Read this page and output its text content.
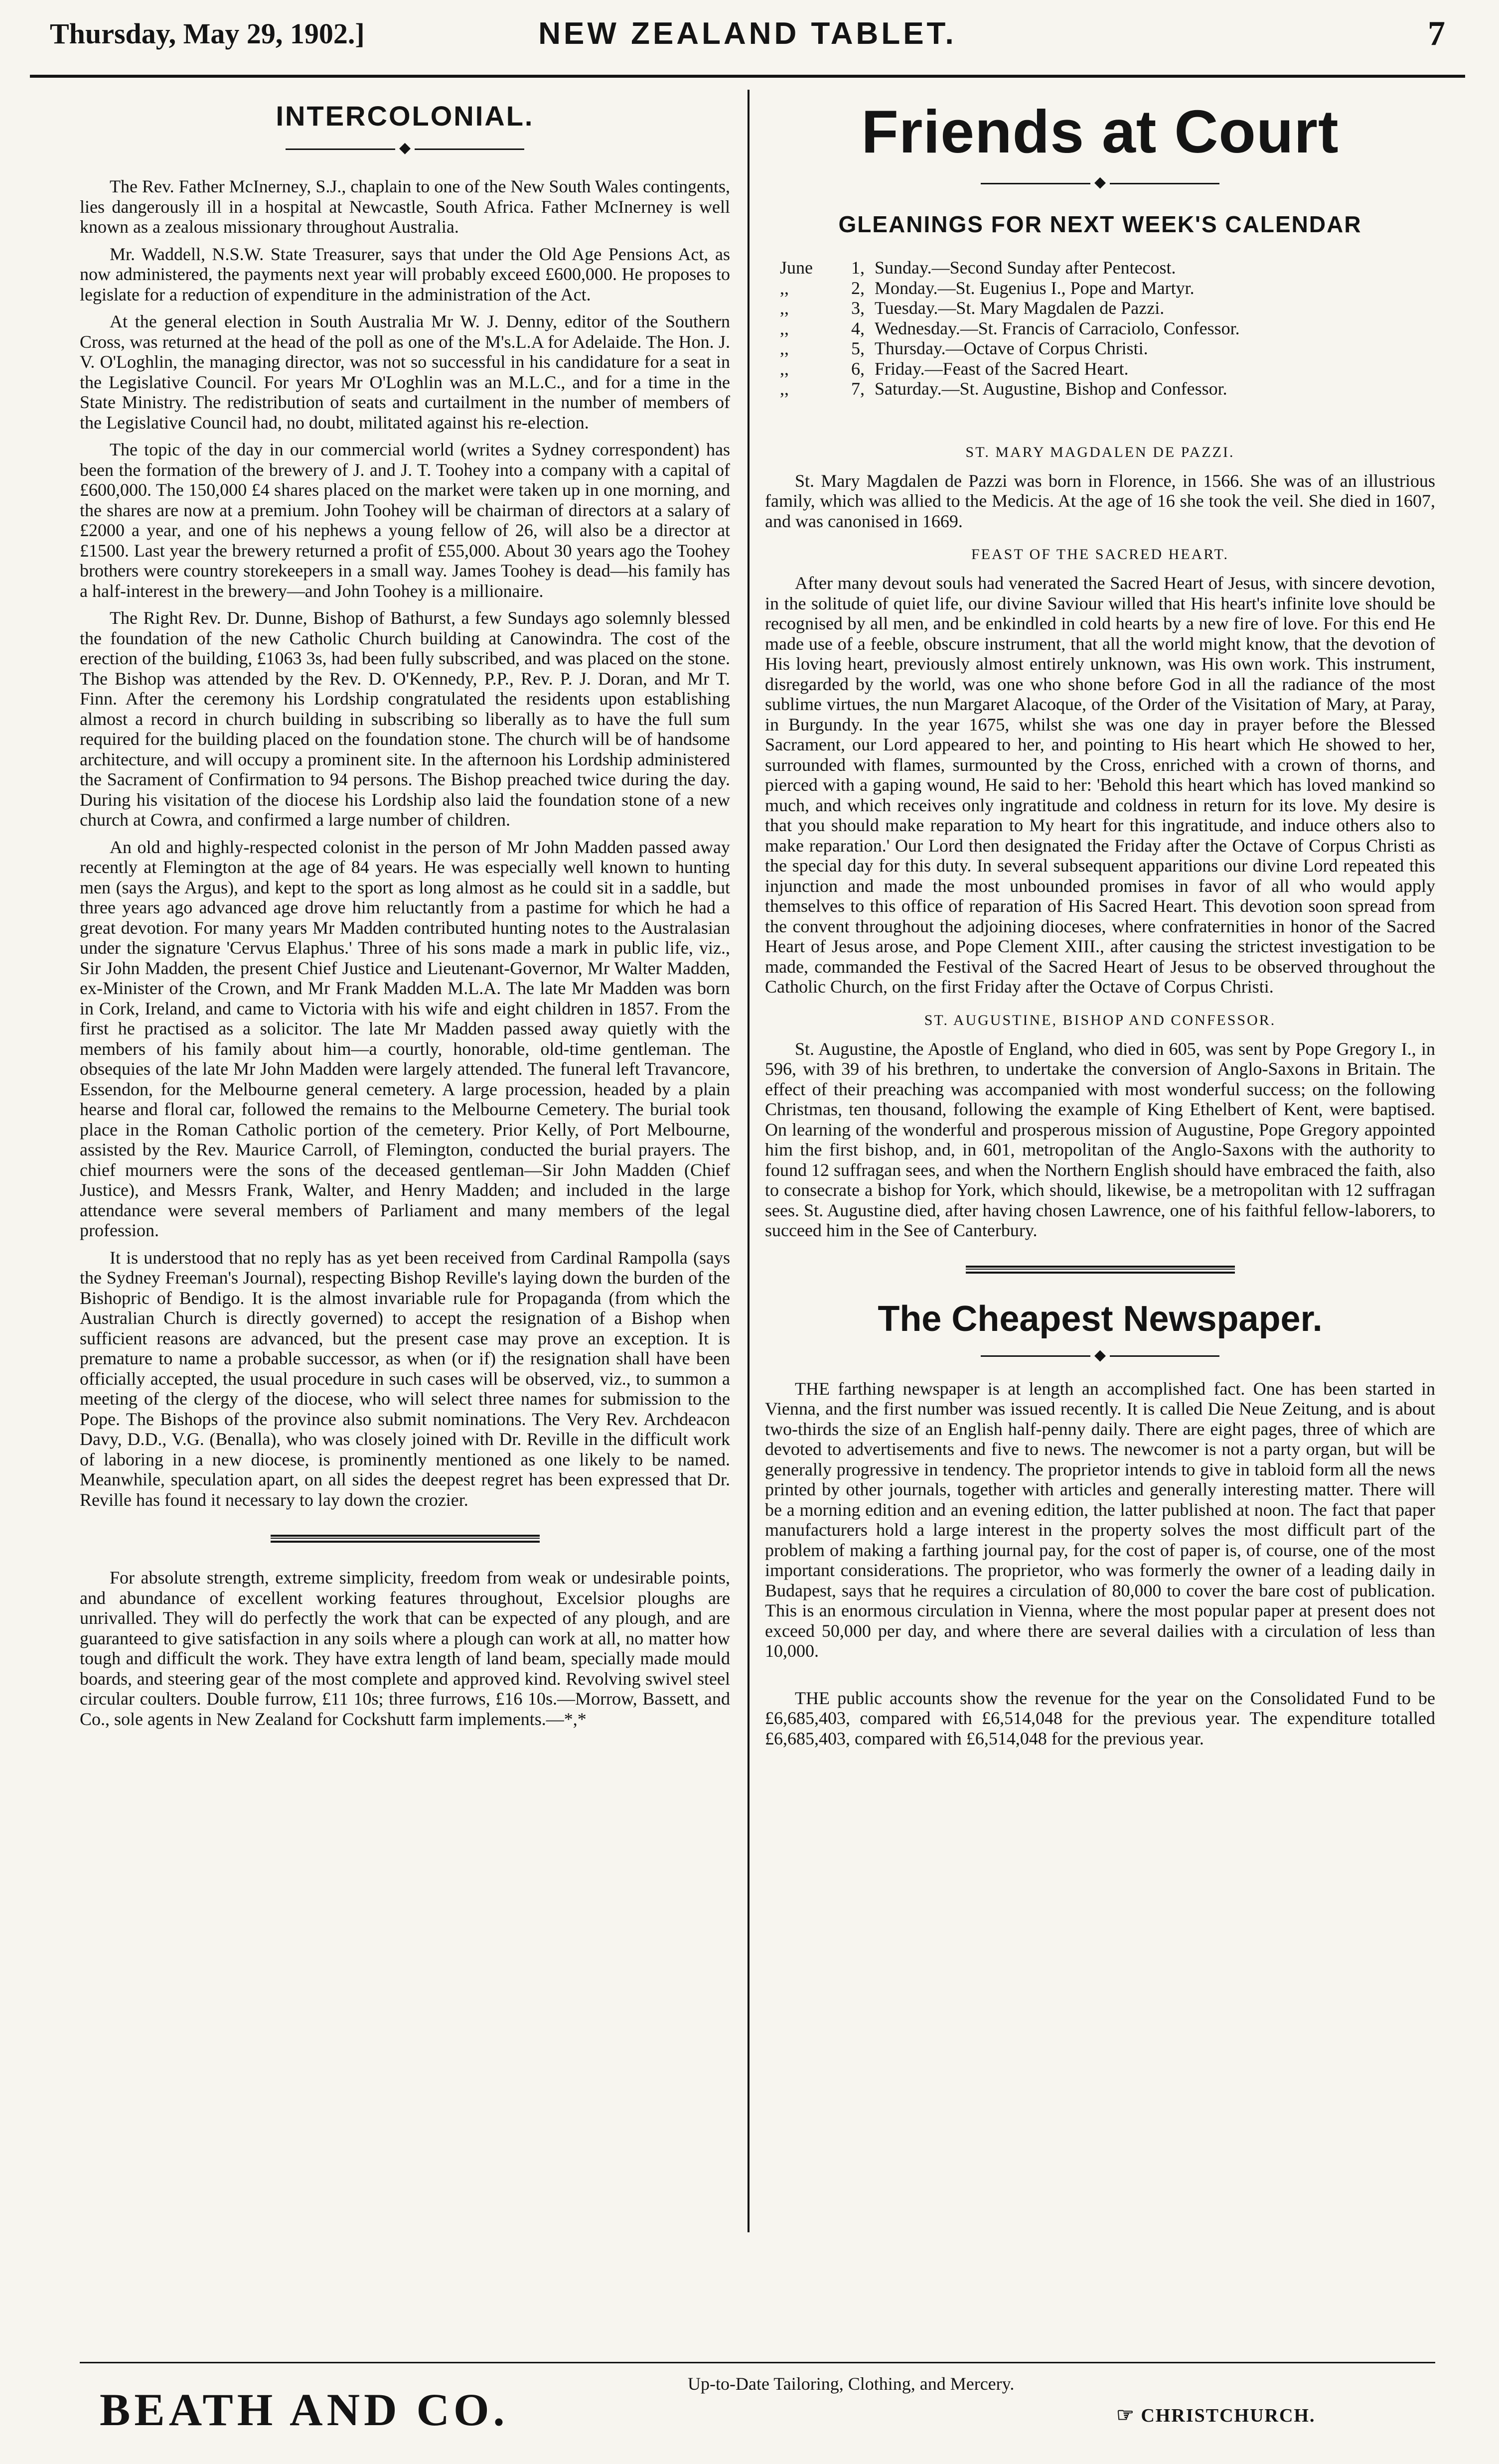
Thursday, May 29, 1902.]	NEW ZEALAND TABLET.	7
INTERCOLONIAL.
◆

The Rev. Father McInerney, S.J., chaplain to one of the New South Wales contingents, lies dangerously ill in a hospital at Newcastle, South Africa. Father McInerney is well known as a zealous missionary throughout Australia.

Mr. Waddell, N.S.W. State Treasurer, says that under the Old Age Pensions Act, as now administered, the payments next year will probably exceed £600,000. He proposes to legislate for a reduction of expenditure in the administration of the Act.

At the general election in South Australia Mr W. J. Denny, editor of the Southern Cross, was returned at the head of the poll as one of the M's.L.A for Adelaide. The Hon. J. V. O'Loghlin, the managing director, was not so successful in his candidature for a seat in the Legislative Council. For years Mr O'Loghlin was an M.L.C., and for a time in the State Ministry. The redistribution of seats and curtailment in the number of members of the Legislative Council had, no doubt, militated against his re-election.

The topic of the day in our commercial world (writes a Sydney correspondent) has been the formation of the brewery of J. and J. T. Toohey into a company with a capital of £600,000. The 150,000 £4 shares placed on the market were taken up in one morning, and the shares are now at a premium. John Toohey will be chairman of directors at a salary of £2000 a year, and one of his nephews a young fellow of 26, will also be a director at £1500. Last year the brewery returned a profit of £55,000. About 30 years ago the Toohey brothers were country storekeepers in a small way. James Toohey is dead—his family has a half-interest in the brewery—and John Toohey is a millionaire.

The Right Rev. Dr. Dunne, Bishop of Bathurst, a few Sundays ago solemnly blessed the foundation of the new Catholic Church building at Canowindra. The cost of the erection of the building, £1063 3s, had been fully subscribed, and was placed on the stone. The Bishop was attended by the Rev. D. O'Kennedy, P.P., Rev. P. J. Doran, and Mr T. Finn. After the ceremony his Lordship congratulated the residents upon establishing almost a record in church building in subscribing so liberally as to have the full sum required for the building placed on the foundation stone. The church will be of handsome architecture, and will occupy a prominent site. In the afternoon his Lordship administered the Sacrament of Confirmation to 94 persons. The Bishop preached twice during the day. During his visitation of the diocese his Lordship also laid the foundation stone of a new church at Cowra, and confirmed a large number of children.

An old and highly-respected colonist in the person of Mr John Madden passed away recently at Flemington at the age of 84 years. He was especially well known to hunting men (says the Argus), and kept to the sport as long almost as he could sit in a saddle, but three years ago advanced age drove him reluctantly from a pastime for which he had a great devotion. For many years Mr Madden contributed hunting notes to the Australasian under the signature 'Cervus Elaphus.' Three of his sons made a mark in public life, viz., Sir John Madden, the present Chief Justice and Lieutenant-Governor, Mr Walter Madden, ex-Minister of the Crown, and Mr Frank Madden M.L.A. The late Mr Madden was born in Cork, Ireland, and came to Victoria with his wife and eight children in 1857. From the first he practised as a solicitor. The late Mr Madden passed away quietly with the members of his family about him—a courtly, honorable, old-time gentleman. The obsequies of the late Mr John Madden were largely attended. The funeral left Travancore, Essendon, for the Melbourne general cemetery. A large procession, headed by a plain hearse and floral car, followed the remains to the Melbourne Cemetery. The burial took place in the Roman Catholic portion of the cemetery. Prior Kelly, of Port Melbourne, assisted by the Rev. Maurice Carroll, of Flemington, conducted the burial prayers. The chief mourners were the sons of the deceased gentleman—Sir John Madden (Chief Justice), and Messrs Frank, Walter, and Henry Madden; and included in the large attendance were several members of Parliament and many members of the legal profession.

It is understood that no reply has as yet been received from Cardinal Rampolla (says the Sydney Freeman's Journal), respecting Bishop Reville's laying down the burden of the Bishopric of Bendigo. It is the almost invariable rule for Propaganda (from which the Australian Church is directly governed) to accept the resignation of a Bishop when sufficient reasons are advanced, but the present case may prove an exception. It is premature to name a probable successor, as when (or if) the resignation shall have been officially accepted, the usual procedure in such cases will be observed, viz., to summon a meeting of the clergy of the diocese, who will select three names for submission to the Pope. The Bishops of the province also submit nominations. The Very Rev. Archdeacon Davy, D.D., V.G. (Benalla), who was closely joined with Dr. Reville in the difficult work of laboring in a new diocese, is prominently mentioned as one likely to be named. Meanwhile, speculation apart, on all sides the deepest regret has been expressed that Dr. Reville has found it necessary to lay down the crozier.

For absolute strength, extreme simplicity, freedom from weak or undesirable points, and abundance of excellent working features throughout, Excelsior ploughs are unrivalled. They will do perfectly the work that can be expected of any plough, and are guaranteed to give satisfaction in any soils where a plough can work at all, no matter how tough and difficult the work. They have extra length of land beam, specially made mould boards, and steering gear of the most complete and approved kind. Revolving swivel steel circular coulters. Double furrow, £11 10s; three furrows, £16 10s.—Morrow, Bassett, and Co., sole agents in New Zealand for Cockshutt farm implements.—*,*

Friends at Court
◆
GLEANINGS FOR NEXT WEEK'S CALENDAR
June	1, Sunday.—Second Sunday after Pentecost.
,,	2, Monday.—St. Eugenius I., Pope and Martyr.
,,	3, Tuesday.—St. Mary Magdalen de Pazzi.
,,	4, Wednesday.—St. Francis of Carraciolo, Confessor.
,,	5, Thursday.—Octave of Corpus Christi.
,,	6, Friday.—Feast of the Sacred Heart.
,,	7, Saturday.—St. Augustine, Bishop and Confessor.
ST. MARY MAGDALEN DE PAZZI.

St. Mary Magdalen de Pazzi was born in Florence, in 1566. She was of an illustrious family, which was allied to the Medicis. At the age of 16 she took the veil. She died in 1607, and was canonised in 1669.

FEAST OF THE SACRED HEART.

After many devout souls had venerated the Sacred Heart of Jesus, with sincere devotion, in the solitude of quiet life, our divine Saviour willed that His heart's infinite love should be recognised by all men, and be enkindled in cold hearts by a new fire of love. For this end He made use of a feeble, obscure instrument, that all the world might know, that the devotion of His loving heart, previously almost entirely unknown, was His own work. This instrument, disregarded by the world, was one who shone before God in all the radiance of the most sublime virtues, the nun Margaret Alacoque, of the Order of the Visitation of Mary, at Paray, in Burgundy. In the year 1675, whilst she was one day in prayer before the Blessed Sacrament, our Lord appeared to her, and pointing to His heart which He showed to her, surrounded with flames, surmounted by the Cross, enriched with a crown of thorns, and pierced with a gaping wound, He said to her: 'Behold this heart which has loved mankind so much, and which receives only ingratitude and coldness in return for its love. My desire is that you should make reparation to My heart for this ingratitude, and induce others also to make reparation.' Our Lord then designated the Friday after the Octave of Corpus Christi as the special day for this duty. In several subsequent apparitions our divine Lord repeated this injunction and made the most unbounded promises in favor of all who would apply themselves to this office of reparation of His Sacred Heart. This devotion soon spread from the convent throughout the adjoining dioceses, where confraternities in honor of the Sacred Heart of Jesus arose, and Pope Clement XIII., after causing the strictest investigation to be made, commanded the Festival of the Sacred Heart of Jesus to be observed throughout the Catholic Church, on the first Friday after the Octave of Corpus Christi.

ST. AUGUSTINE, BISHOP AND CONFESSOR.

St. Augustine, the Apostle of England, who died in 605, was sent by Pope Gregory I., in 596, with 39 of his brethren, to undertake the conversion of Anglo-Saxons in Britain. The effect of their preaching was accompanied with most wonderful success; on the following Christmas, ten thousand, following the example of King Ethelbert of Kent, were baptised. On learning of the wonderful and prosperous mission of Augustine, Pope Gregory appointed him the first bishop, and, in 601, metropolitan of the Anglo-Saxons with the authority to found 12 suffragan sees, and when the Northern English should have embraced the faith, also to consecrate a bishop for York, which should, likewise, be a metropolitan with 12 suffragan sees. St. Augustine died, after having chosen Lawrence, one of his faithful fellow-laborers, to succeed him in the See of Canterbury.

The Cheapest Newspaper.
◆

THE farthing newspaper is at length an accomplished fact. One has been started in Vienna, and the first number was issued recently. It is called Die Neue Zeitung, and is about two-thirds the size of an English half-penny daily. There are eight pages, three of which are devoted to advertisements and five to news. The newcomer is not a party organ, but will be generally progressive in tendency. The proprietor intends to give in tabloid form all the news printed by other journals, together with articles and generally interesting matter. There will be a morning edition and an evening edition, the latter published at noon. The fact that paper manufacturers hold a large interest in the property solves the most difficult part of the problem of making a farthing journal pay, for the cost of paper is, of course, one of the most important considerations. The proprietor, who was formerly the owner of a leading daily in Budapest, says that he requires a circulation of 80,000 to cover the bare cost of publication. This is an enormous circulation in Vienna, where the most popular paper at present does not exceed 50,000 per day, and where there are several dailies with a circulation of less than 10,000.

THE public accounts show the revenue for the year on the Consolidated Fund to be £6,685,403, compared with £6,514,048 for the previous year. The expenditure totalled £6,685,403, compared with £6,514,048 for the previous year.

BEATH AND CO.
Up-to-Date Tailoring, Clothing, and Mercery.
☞ CHRISTCHURCH.
